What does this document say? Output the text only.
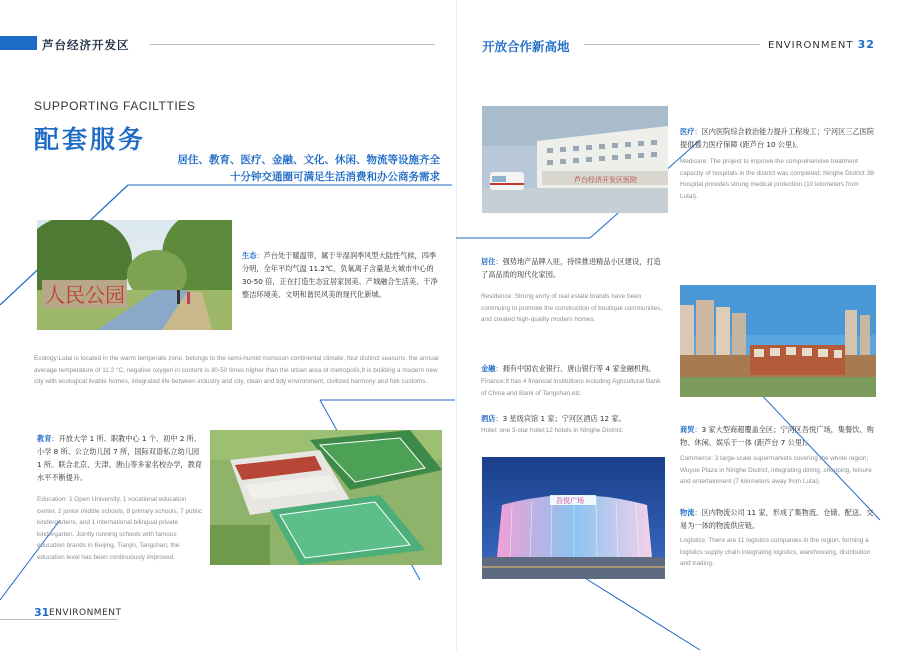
芦台经济开发区	开放合作新高地	ENVIRONMENT 32
SUPPORTING FACILTTIES
配套服务
居住、教育、医疗、金融、文化、休闲、物流等设施齐全
十分钟交通圈可满足生活消费和办公商务需求
人民公园
生态：芦台处于暖温带，属于半湿润季风型大陆性气候，四季分明，全年平均气温 11.2℃，负氧离子含量是大城市中心的 30-50 倍，正在打造生态宜居家园美、产城融合生活美、干净整洁环境美、文明和谐民风美的现代化新城。
Ecology:Lutai is located in the warm temperate zone, belongs to the semi-humid monsoon continental climate, four distinct seasons, the annual average temperature of 11.2 °C, negative oxygen in content is 30-50 times higher than the urban area of metropolis,It is building a modern new city with ecological livable homes, integrated life between industry and city, clean and tidy environment, civilized harmony and folk customs.
教育：开放大学 1 所、职教中心 1 个、初中 2 所、小学 8 所、公立幼儿园 7 所，国际双语私立幼儿园 1 所。联合北京、天津、唐山等多家名校办学，教育水平不断提升。
Education: 1 Open University, 1 vocational education center, 2 junior middle schools, 8 primary schools, 7 public kindergartens, and 1 international bilingual private kindergarten. Jointly running schools with famous education brands in Beijing, Tianjin, Tangshan, the education level has been continuously improved.
芦台经济开发区医院
医疗：区内医院综合救治能力提升工程竣工；宁河区三乙医院提供强力医疗保障 (距芦台 10 公里)。
Medicare: The project to improve the comprehensive treatment capacity of hospitals in the district was completed; Ninghe District 3B Hospital provides strong medical protection (10 kilometers from Lutai).
居住：强势地产品牌入驻，持续推进精品小区建设，打造了高品质的现代化家园。
Residence: Strong enrty of real estate brands have been continuing to promote the construction of boutique communities, and created high-quality modern homes.
金融：拥有中国农业银行、唐山银行等 4 家金融机构。
Finance:It has 4 financial institutions including Agricultural Bank of China and Bank of Tangshan,etc.
酒店：3 星级宾馆 1 家；宁河区酒店 12 家。
Hotel: one 3-star hotel;12 hotels in Ninghe District.
吾悦广场
商贸：3 家大型商超覆盖全区；宁河区吾悦广场，集餐饮、购物、休闲、娱乐于一体 (距芦台 7 公里)。
Commerce: 3 large-scale supermarkets covering the whole region; Wuyue Plaza in Ninghe District, integrating dining, shopping, leisure and entertainment (7 kilometers away from Lutai).
物流：区内物流公司 11 家，形成了集物流、仓储、配送、交易为一体的物流供应链。
Logistics: There are 11 logistics companies in the region, forming a logistics supply chain integrating logistics, warehousing, distribution and trading.
31 ENVIRONMENT
